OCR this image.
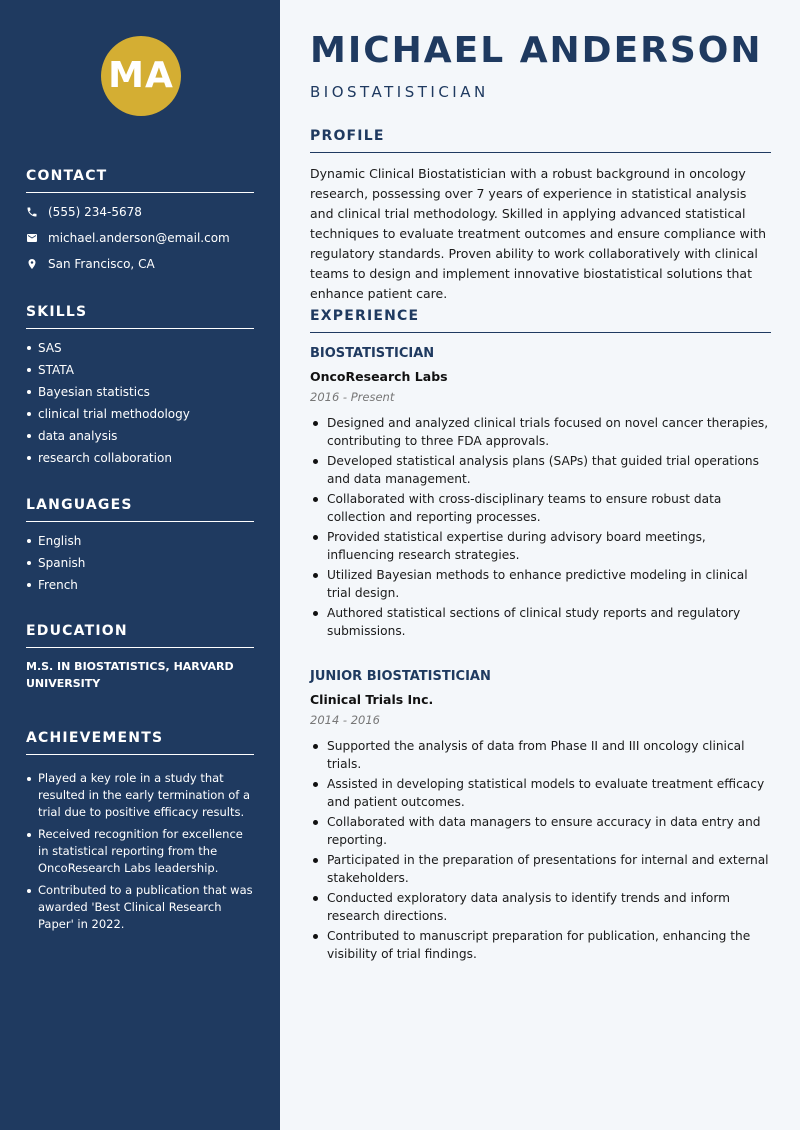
MA
CONTACT
(555) 234-5678
michael.anderson@email.com
San Francisco, CA
SKILLS
SAS
STATA
Bayesian statistics
clinical trial methodology
data analysis
research collaboration
LANGUAGES
English
Spanish
French
EDUCATION
M.S. IN BIOSTATISTICS, HARVARD UNIVERSITY
ACHIEVEMENTS
Played a key role in a study that resulted in the early termination of a trial due to positive efficacy results.
Received recognition for excellence in statistical reporting from the OncoResearch Labs leadership.
Contributed to a publication that was awarded 'Best Clinical Research Paper' in 2022.
MICHAEL ANDERSON
BIOSTATISTICIAN
PROFILE
Dynamic Clinical Biostatistician with a robust background in oncology research, possessing over 7 years of experience in statistical analysis and clinical trial methodology. Skilled in applying advanced statistical techniques to evaluate treatment outcomes and ensure compliance with regulatory standards. Proven ability to work collaboratively with clinical teams to design and implement innovative biostatistical solutions that enhance patient care.
EXPERIENCE
BIOSTATISTICIAN
OncoResearch Labs
2016 - Present
Designed and analyzed clinical trials focused on novel cancer therapies, contributing to three FDA approvals.
Developed statistical analysis plans (SAPs) that guided trial operations and data management.
Collaborated with cross-disciplinary teams to ensure robust data collection and reporting processes.
Provided statistical expertise during advisory board meetings, influencing research strategies.
Utilized Bayesian methods to enhance predictive modeling in clinical trial design.
Authored statistical sections of clinical study reports and regulatory submissions.
JUNIOR BIOSTATISTICIAN
Clinical Trials Inc.
2014 - 2016
Supported the analysis of data from Phase II and III oncology clinical trials.
Assisted in developing statistical models to evaluate treatment efficacy and patient outcomes.
Collaborated with data managers to ensure accuracy in data entry and reporting.
Participated in the preparation of presentations for internal and external stakeholders.
Conducted exploratory data analysis to identify trends and inform research directions.
Contributed to manuscript preparation for publication, enhancing the visibility of trial findings.
